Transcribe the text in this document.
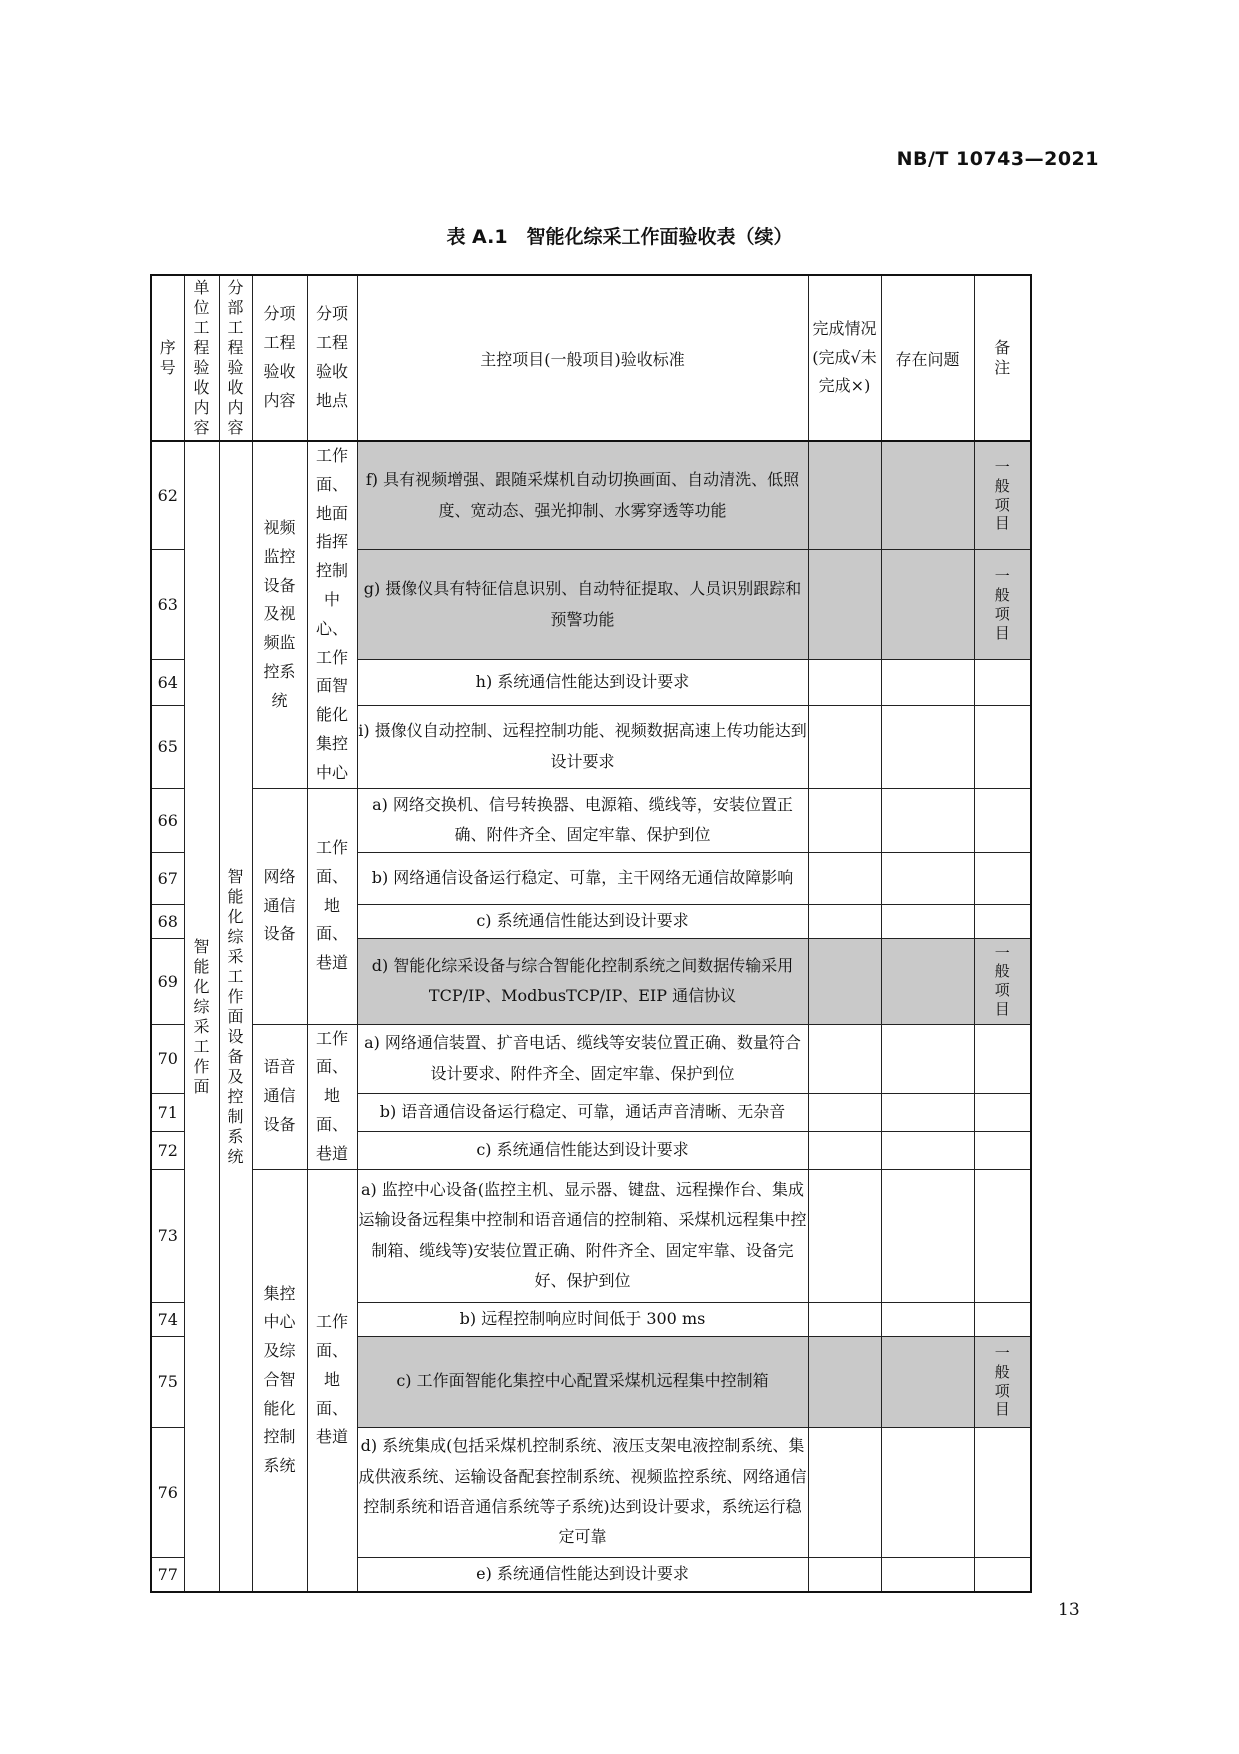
NB/T 10743—2021
表 A.1　智能化综采工作面验收表（续）
序号	单位工程验收内容	分部工程验收内容	分项工程验收内容	分项工程验收地点	主控项目(一般项目)验收标准	完成情况(完成√未完成×)	存在问题	备注

62	智能化综采工作面	智能化综采工作面设备及控制系统	视频监控设备及视频监控系统	工作面、地面指挥控制中心、工作面智能化集控中心	f) 具有视频增强、跟随采煤机自动切换画面、自动清洗、低照度、宽动态、强光抑制、水雾穿透等功能			一般项目

63					g) 摄像仪具有特征信息识别、自动特征提取、人员识别跟踪和预警功能			一般项目

64					h) 系统通信性能达到设计要求			

65					i) 摄像仪自动控制、远程控制功能、视频数据高速上传功能达到设计要求			

66			网络通信设备	工作面、地面、巷道	a) 网络交换机、信号转换器、电源箱、缆线等，安装位置正确、附件齐全、固定牢靠、保护到位			

67					b) 网络通信设备运行稳定、可靠，主干网络无通信故障影响			

68					c) 系统通信性能达到设计要求			

69					d) 智能化综采设备与综合智能化控制系统之间数据传输采用 TCP/IP、ModbusTCP/IP、EIP 通信协议			一般项目

70			语音通信设备	工作面、地面、巷道	a) 网络通信装置、扩音电话、缆线等安装位置正确、数量符合设计要求、附件齐全、固定牢靠、保护到位			

71					b) 语音通信设备运行稳定、可靠，通话声音清晰、无杂音			

72					c) 系统通信性能达到设计要求			

73			集控中心及综合智能化控制系统	工作面、地面、巷道	a) 监控中心设备(监控主机、显示器、键盘、远程操作台、集成运输设备远程集中控制和语音通信的控制箱、采煤机远程集中控制箱、缆线等)安装位置正确、附件齐全、固定牢靠、设备完好、保护到位			

74					b) 远程控制响应时间低于 300 ms			

75					c) 工作面智能化集控中心配置采煤机远程集中控制箱			一般项目

76					d) 系统集成(包括采煤机控制系统、液压支架电液控制系统、集成供液系统、运输设备配套控制系统、视频监控系统、网络通信控制系统和语音通信系统等子系统)达到设计要求，系统运行稳定可靠			

77					e) 系统通信性能达到设计要求			
13
